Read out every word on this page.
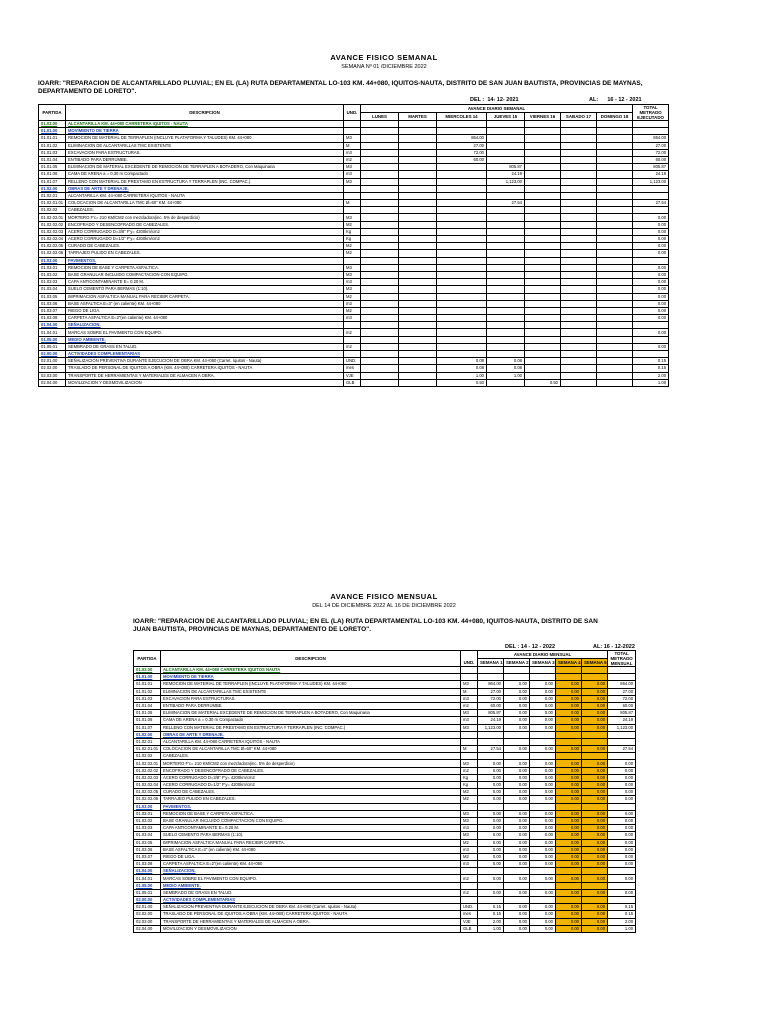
AVANCE FISICO SEMANAL
SEMANA Nº 01 /DICIEMBRE 2022
IOARR: "REPARACION DE ALCANTARILLADO PLUVIAL; EN EL (LA) RUTA DEPARTAMENTAL LO-103 KM. 44+080, IQUITOS-NAUTA, DISTRITO DE SAN JUAN BAUTISTA, PROVINCIAS DE MAYNAS, DEPARTAMENTO DE LORETO".
DEL : 14- 12- 2021	AL: 16 - 12 - 2021
PARTIDA	DESCRIPCION	UND.	AVANCE DIARIO SEMANAL							TOTAL METRADO EJECUTADO
			LUNES	MARTES	MIERCOLES 14	JUEVES 15	VIERNES 16	SABADO 17	DOMINGO 18	
01.03.00	ALCANTARILLA KM. 44+080 CARRETERA IQUITOS - NAUTA									
01.01.00	MOVIMIENTO DE TIERRA									
01.01.01	REMOCION DE MATERIAL DE TERRAPLEN (INCLUYE PLATAFORMA Y TALUDES) KM. 44+080	M3			864.00					864.00
01.01.02	ELIMINACION DE ALCANTARILLAS TMC EXISTENTE	M			27.00					27.00
01.01.03	EXCAVACION PARA ESTRUCTURAS.	m3			72.00					72.00
01.01.04	ENTIBADO PARA DERRUMBE.	m2			60.00					60.00
01.01.05	ELIMINACION DE MATERIAL EXCEDENTE DE REMOCION DE TERRAPLEN A BOTADERO, Con Maquinaria	M3				805.87				805.87
01.01.06	CAMA DE ARENA a = 0.30 m Compactado	m3				24.19				24.19
01.01.07	RELLENO CON MATERIAL DE PRESTAMO EN ESTRUCTURA Y TERRAPLEN (INC. COMPAC.)	M3				1,123.00				1,123.00
01.02.00	OBRAS DE ARTE Y DRENAJE.									
01.02.01	ALCANTARILLA KM. 44+080 CARRETERA IQUITOS - NAUTA									
01.02.01.01	COLOCACION DE ALCANTARILLA TMC Ø=60" KM. 44+080	M				27.54				27.54
01.02.02	CABEZALES.									
01.02.02.01	MORTERO F'c= 210 KM/CM2 con mezcladora(inc. 5% de desperdicio)	M3								0.00
01.02.02.02	ENCOFRADO Y DESENCOFRADO DE CABEZALES.	M2								0.00
01.02.02.03	ACERO CORRUGADO D=3/8" F'y= 4200km/cm2	Kg								0.00
01.02.02.04	ACERO CORRUGADO D=1/2" F'y= 4200km/cm2	Kg								0.00
01.02.02.05	CURADO DE CABEZALES.	M2								0.00
01.02.02.06	TARRAJEO PULIDO EN CABEZALES.	M2								0.00
01.03.00	PAVIMENTOS.									
01.03.01	REMOCION DE BASE Y CARPETA ASFALTICA.	M3								0.00
01.03.02	BASE GRANULAR INCLUIDO COMPACTACION CON EQUIPO.	M3								0.00
01.03.03	CAPA ANTICONTAMINANTE E= 0.20 M.	m3								0.00
01.03.04	SUELO CEMENTO PARA BERMAS (1:10).	M3								0.00
01.03.05	IMPRIMACION ASFALTICA MANUAL PARA RECIBIR CARPETA.	M2								0.00
01.03.06	BASE ASFALTICA E=3" (en caliente) KM. 44+080	m3								0.00
01.03.07	RIEGO DE LIGA.	M2								0.00
01.03.08	CARPETA ASFALTICA E=2"(en caliente) KM. 44+080	m3								0.00
01.04.00	SEÑALIZACION.									
01.04.01	MARCAS SOBRE EL PAVIMENTO CON EQUIPO.	m2								0.00
01.05.00	MEDIO AMBIENTE.									
01.05.01	SEMBRADO DE GRASS EN TALUD.	m2								0.00
02.00.00	ACTIVIDADES COMPLEMENTARIAS									
02.01.00	SEÑALIZACION PREVENTIVA DURANTE EJECUCION DE OBRA KM. 44+080 (Carret. Iquitos - Nauta)	UND.			0.08	0.08				0.15
02.02.00	TRASLADO DE PERSONAL DE IQUITOS A OBRA (KM. 44+080) CARRETERA IQUITOS - NAUTA	mes			0.08	0.08				0.15
02.03.00	TRANSPORTE DE HERRAMIENTAS Y MATERIALES DE ALMACEN A OBRA.	VJE			1.00	1.00				2.00
02.04.00	MOVILIZACION Y DESMOVILIZACION	GLB			0.50		0.50			1.00
AVANCE FISICO MENSUAL
DEL 14 DE DICIEMBRE 2022 AL 16 DE DICIEMBRE 2022
IOARR: "REPARACION DE ALCANTARILLADO PLUVIAL; EN EL (LA) RUTA DEPARTAMENTAL LO-103 KM. 44+080, IQUITOS-NAUTA, DISTRITO DE SAN JUAN BAUTISTA, PROVINCIAS DE MAYNAS, DEPARTAMENTO DE LORETO".
DEL : 14 - 12 - 2022	AL: 16 - 12-2022
PARTIDA	DESCRIPCION	UND.	AVANCE DIARIO MENSUAL					TOTAL METRADO MENSUAL
			SEMANA 1	SEMANA 2	SEMANA 3	SEMANA 4	SEMANA 5	
01.03.00	ALCANTARILLA KM. 44+080 CARRETERA IQUITOS NAUTA							
01.01.00	MOVIMIENTO DE TIERRA							
01.01.01	REMOCION DE MATERIAL DE TERRAPLEN (INCLUYE PLATAFORMA Y TALUDES) KM. 44+080	M3	864.00	0.00	0.00	0.00	0.00	864.00
01.01.02	ELIMINACION DE ALCANTARILLAS TMC EXISTENTE	M	27.00	0.00	0.00	0.00	0.00	27.00
01.01.03	EXCAVACION PARA ESTRUCTURAS.	m3	72.00	0.00	0.00	0.00	0.00	72.00
01.01.04	ENTIBADO PARA DERRUMBE.	m2	60.00	0.00	0.00	0.00	0.00	60.00
01.01.05	ELIMINACION DE MATERIAL EXCEDENTE DE REMOCION DE TERRAPLEN A BOTADERO, Con Maquinaria	M3	805.87	0.00	0.00	0.00	0.00	805.87
01.01.06	CAMA DE ARENA a = 0.30 m Compactado	m3	24.19	0.00	0.00	0.00	0.00	24.19
01.01.07	RELLENO CON MATERIAL DE PRESTAMO EN ESTRUCTURA Y TERRAPLEN (INC. COMPAC.)	M3	1,123.00	0.00	0.00	0.00	0.00	1,123.00
01.02.00	OBRAS DE ARTE Y DRENAJE.							
01.02.01	ALCANTARILLA KM. 44+080 CARRETERA IQUITOS - NAUTA							
01.02.01.01	COLOCACION DE ALCANTARILLA TMC Ø=60" KM. 44+080	M	27.54	0.00	0.00	0.00	0.00	27.54
01.02.02	CABEZALES.							
01.02.02.01	MORTERO F'c= 210 KM/CM2 con mezcladora(inc. 5% de desperdicio)	M3	0.00	0.00	0.00	0.00	0.00	0.00
01.02.02.02	ENCOFRADO Y DESENCOFRADO DE CABEZALES.	m2	0.00	0.00	0.00	0.00	0.00	0.00
01.02.02.03	ACERO CORRUGADO D=3/8" F'y= 4200km/cm2	Kg	0.00	0.00	0.00	0.00	0.00	0.00
01.02.02.04	ACERO CORRUGADO D=1/2" F'y= 4200km/cm2	Kg	0.00	0.00	0.00	0.00	0.00	0.00
01.02.02.05	CURADO DE CABEZALES.	M2	0.00	0.00	0.00	0.00	0.00	0.00
01.02.02.06	TARRAJEO PULIDO EN CABEZALES.	M2	0.00	0.00	0.00	0.00	0.00	0.00
01.03.00	PAVIMENTOS.							
01.03.01	REMOCION DE BASE Y CARPETA ASFALTICA.	M3	0.00	0.00	0.00	0.00	0.00	0.00
01.03.02	BASE GRANULAR INCLUIDO COMPACTACION CON EQUIPO.	M3	0.00	0.00	0.00	0.00	0.00	0.00
01.03.03	CAPA ANTICONTAMINANTE E= 0.20 M.	m3	0.00	0.00	0.00	0.00	0.00	0.00
01.03.04	SUELO CEMENTO PARA BERMAS (1:10).	M3	0.00	0.00	0.00	0.00	0.00	0.00
01.03.05	IMPRIMACION ASFALTICA MANUAL PARA RECIBIR CARPETA.	M2	0.00	0.00	0.00	0.00	0.00	0.00
01.03.06	BASE ASFALTICA E=3" (en caliente) KM. 44+080	m3	0.00	0.00	0.00	0.00	0.00	0.00
01.03.07	RIEGO DE LIGA.	M2	0.00	0.00	0.00	0.00	0.00	0.00
01.03.08	CARPETA ASFALTICA E=2"(en caliente) KM. 44+080	m3	0.00	0.00	0.00	0.00	0.00	0.00
01.04.00	SEÑALIZACION.							
01.04.01	MARCAS SOBRE EL PAVIMENTO CON EQUIPO.	m2	0.00	0.00	0.00	0.00	0.00	0.00
01.05.00	MEDIO AMBIENTE.							
01.05.01	SEMBRADO DE GRASS EN TALUD.	m2	0.00	0.00	0.00	0.00	0.00	0.00
02.00.00	ACTIVIDADES COMPLEMENTARIAS							
02.01.00	SEÑALIZACION PREVENTIVA DURANTE EJECUCION DE OBRA KM. 44+080 (Carret. Iquitos - Nauta)	UND.	0.15	0.00	0.00	0.00	0.00	0.15
02.02.00	TRASLADO DE PERSONAL DE IQUITOS A OBRA (KM. 44+080) CARRETERA IQUITOS - NAUTA	mes	0.15	0.00	0.00	0.00	0.00	0.15
02.03.00	TRANSPORTE DE HERRAMIENTAS Y MATERIALES DE ALMACEN A OBRA.	VJE	2.00	0.00	0.00	0.00	0.00	2.00
02.04.00	MOVILIZACION Y DESMOVILIZACION	GLB	1.00	0.00	0.00	0.00	0.00	1.00
